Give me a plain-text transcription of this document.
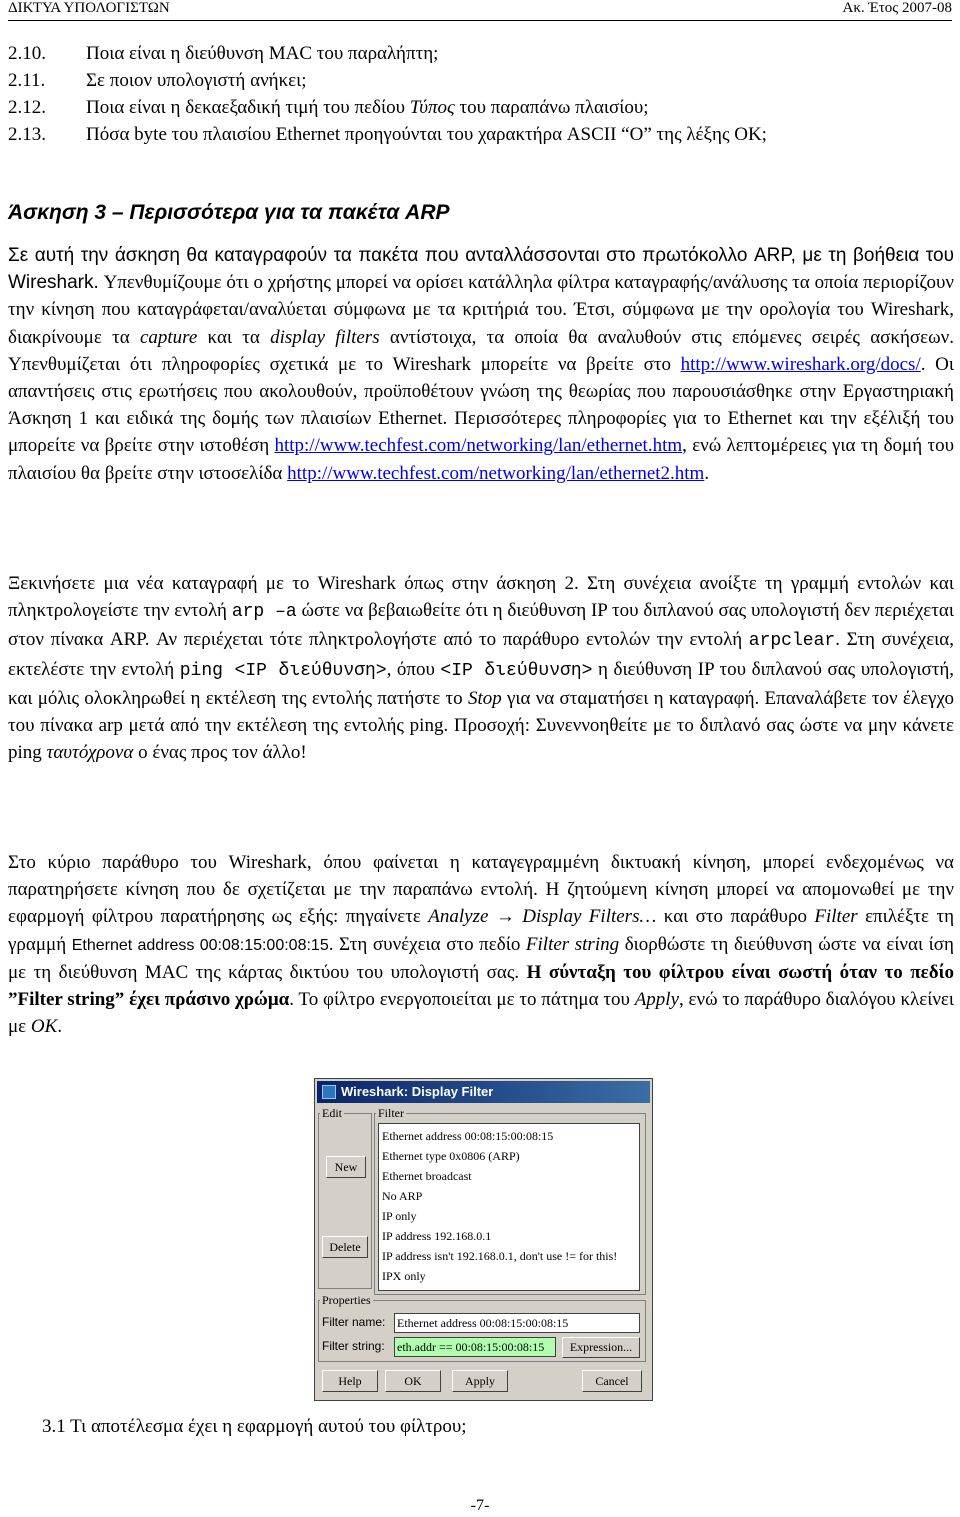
ΔΙΚΤΥΑ ΥΠΟΛΟΓΙΣΤΩΝ	Ακ. Έτος 2007-08
2.10. Ποια είναι η διεύθυνση MAC του παραλήπτη;
2.11. Σε ποιον υπολογιστή ανήκει;
2.12. Ποια είναι η δεκαεξαδική τιμή του πεδίου Τύπος του παραπάνω πλαισίου;
2.13. Πόσα byte του πλαισίου Ethernet προηγούνται του χαρακτήρα ASCII “O” της λέξης OK;
Άσκηση 3 – Περισσότερα για τα πακέτα ARP
Σε αυτή την άσκηση θα καταγραφούν τα πακέτα που ανταλλάσσονται στο πρωτόκολλο ARP, με τη βοήθεια του Wireshark. Υπενθυμίζουμε ότι ο χρήστης μπορεί να ορίσει κατάλληλα φίλτρα καταγραφής/ανάλυσης τα οποία περιορίζουν την κίνηση που καταγράφεται/αναλύεται σύμφωνα με τα κριτήριά του. Έτσι, σύμφωνα με την ορολογία του Wireshark, διακρίνουμε τα capture και τα display filters αντίστοιχα, τα οποία θα αναλυθούν στις επόμενες σειρές ασκήσεων. Υπενθυμίζεται ότι πληροφορίες σχετικά με το Wireshark μπορείτε να βρείτε στο http://www.wireshark.org/docs/. Οι απαντήσεις στις ερωτήσεις που ακολουθούν, προϋποθέτουν γνώση της θεωρίας που παρουσιάσθηκε στην Εργαστηριακή Άσκηση 1 και ειδικά της δομής των πλαισίων Ethernet. Περισσότερες πληροφορίες για το Ethernet και την εξέλιξή του μπορείτε να βρείτε στην ιστοθέση http://www.techfest.com/networking/lan/ethernet.htm, ενώ λεπτομέρειες για τη δομή του πλαισίου θα βρείτε στην ιστοσελίδα http://www.techfest.com/networking/lan/ethernet2.htm.
Ξεκινήσετε μια νέα καταγραφή με το Wireshark όπως στην άσκηση 2. Στη συνέχεια ανοίξτε τη γραμμή εντολών και πληκτρολογείστε την εντολή arp –a ώστε να βεβαιωθείτε ότι η διεύθυνση IP του διπλανού σας υπολογιστή δεν περιέχεται στον πίνακα ARP. Αν περιέχεται τότε πληκτρολογήστε από το παράθυρο εντολών την εντολή arpclear. Στη συνέχεια, εκτελέστε την εντολή ping <IP διεύθυνση>, όπου <IP διεύθυνση> η διεύθυνση IP του διπλανού σας υπολογιστή, και μόλις ολοκληρωθεί η εκτέλεση της εντολής πατήστε το Stop για να σταματήσει η καταγραφή. Επαναλάβετε τον έλεγχο του πίνακα arp μετά από την εκτέλεση της εντολής ping. Προσοχή: Συνεννοηθείτε με το διπλανό σας ώστε να μην κάνετε ping ταυτόχρονα ο ένας προς τον άλλο!
Στο κύριο παράθυρο του Wireshark, όπου φαίνεται η καταγεγραμμένη δικτυακή κίνηση, μπορεί ενδεχομένως να παρατηρήσετε κίνηση που δε σχετίζεται με την παραπάνω εντολή. Η ζητούμενη κίνηση μπορεί να απομονωθεί με την εφαρμογή φίλτρου παρατήρησης ως εξής: πηγαίνετε Analyze → Display Filters… και στο παράθυρο Filter επιλέξτε τη γραμμή Ethernet address 00:08:15:00:08:15. Στη συνέχεια στο πεδίο Filter string διορθώστε τη διεύθυνση ώστε να είναι ίση με τη διεύθυνση MAC της κάρτας δικτύου του υπολογιστή σας. Η σύνταξη του φίλτρου είναι σωστή όταν το πεδίο ”Filter string” έχει πράσινο χρώμα. Το φίλτρο ενεργοποιείται με το πάτημα του Apply, ενώ το παράθυρο διαλόγου κλείνει με OK.
Wireshark: Display Filter
Edit
New
Delete
Filter
Ethernet address 00:08:15:00:08:15
Ethernet type 0x0806 (ARP)
Ethernet broadcast
No ARP
IP only
IP address 192.168.0.1
IP address isn't 192.168.0.1, don't use != for this!
IPX only
Properties
Filter name: Ethernet address 00:08:15:00:08:15
Filter string: eth.addr == 00:08:15:00:08:15	Expression...
Help	OK	Apply	Cancel
3.1 Τι αποτέλεσμα έχει η εφαρμογή αυτού του φίλτρου;
-7-
